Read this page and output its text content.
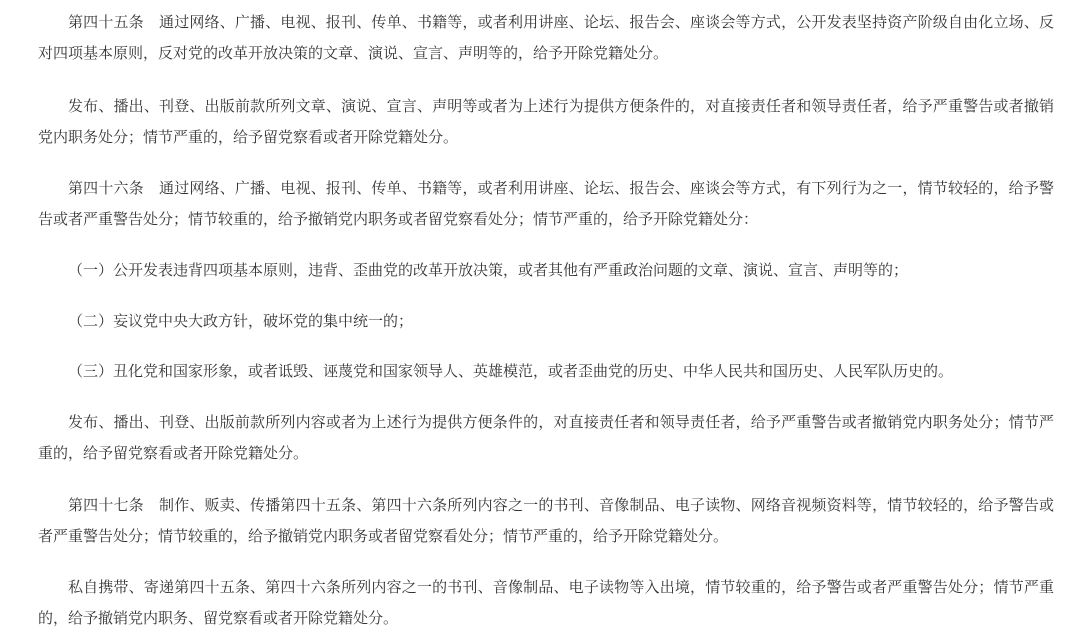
第四十五条　通过网络、广播、电视、报刊、传单、书籍等，或者利用讲座、论坛、报告会、座谈会等方式，公开发表坚持资产阶级自由化立场、反对四项基本原则，反对党的改革开放决策的文章、演说、宣言、声明等的，给予开除党籍处分。

发布、播出、刊登、出版前款所列文章、演说、宣言、声明等或者为上述行为提供方便条件的，对直接责任者和领导责任者，给予严重警告或者撤销党内职务处分；情节严重的，给予留党察看或者开除党籍处分。

第四十六条　通过网络、广播、电视、报刊、传单、书籍等，或者利用讲座、论坛、报告会、座谈会等方式，有下列行为之一，情节较轻的，给予警告或者严重警告处分；情节较重的，给予撤销党内职务或者留党察看处分；情节严重的，给予开除党籍处分：

（一）公开发表违背四项基本原则，违背、歪曲党的改革开放决策，或者其他有严重政治问题的文章、演说、宣言、声明等的；

（二）妄议党中央大政方针，破坏党的集中统一的；

（三）丑化党和国家形象，或者诋毁、诬蔑党和国家领导人、英雄模范，或者歪曲党的历史、中华人民共和国历史、人民军队历史的。

发布、播出、刊登、出版前款所列内容或者为上述行为提供方便条件的，对直接责任者和领导责任者，给予严重警告或者撤销党内职务处分；情节严重的，给予留党察看或者开除党籍处分。

第四十七条　制作、贩卖、传播第四十五条、第四十六条所列内容之一的书刊、音像制品、电子读物、网络音视频资料等，情节较轻的，给予警告或者严重警告处分；情节较重的，给予撤销党内职务或者留党察看处分；情节严重的，给予开除党籍处分。

私自携带、寄递第四十五条、第四十六条所列内容之一的书刊、音像制品、电子读物等入出境，情节较重的，给予警告或者严重警告处分；情节严重的，给予撤销党内职务、留党察看或者开除党籍处分。
